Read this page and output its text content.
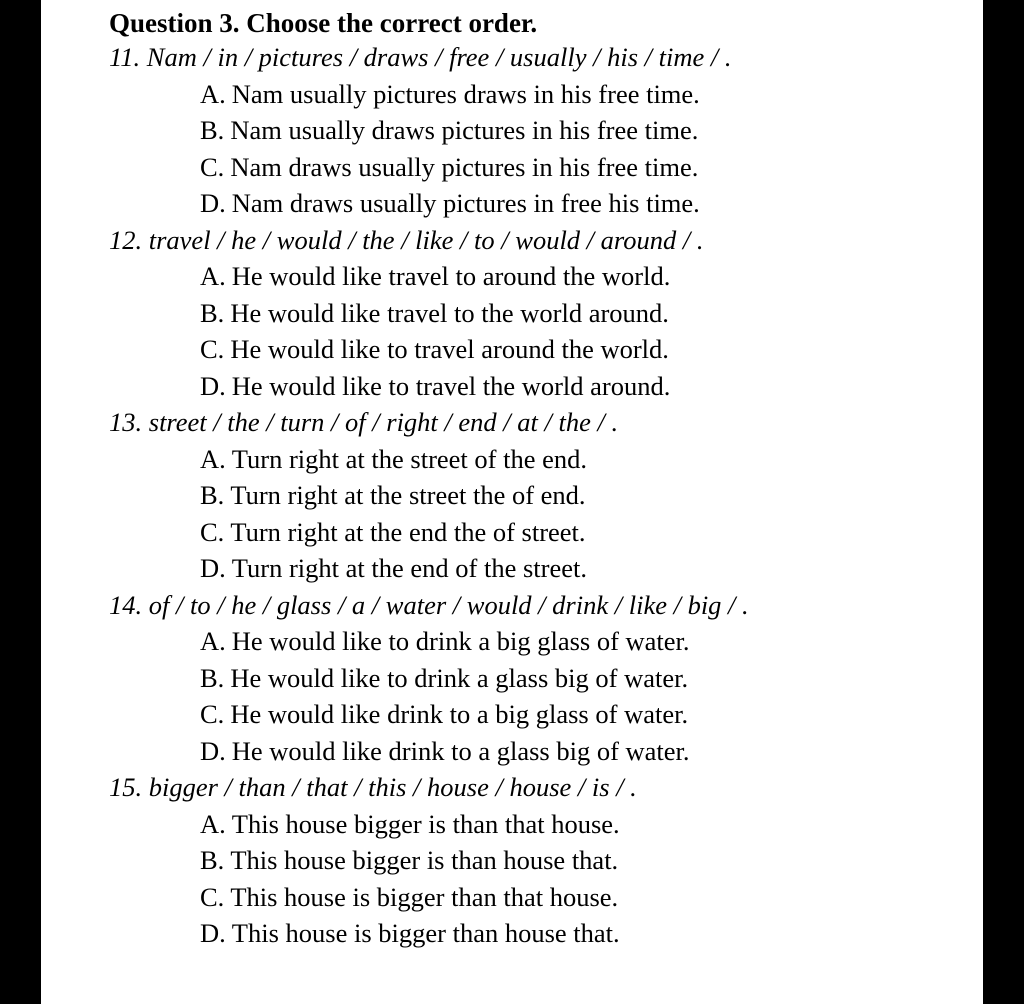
Question 3. Choose the correct order.
11. Nam / in / pictures / draws / free / usually / his / time / .
A. Nam usually pictures draws in his free time.
B. Nam usually draws pictures in his free time.
C. Nam draws usually pictures in his free time.
D. Nam draws usually pictures in free his time.
12. travel / he / would / the / like / to / would / around / .
A. He would like travel to around the world.
B. He would like travel to the world around.
C. He would like to travel around the world.
D. He would like to travel the world around.
13. street / the / turn / of / right / end / at / the / .
A. Turn right at the street of the end.
B. Turn right at the street the of end.
C. Turn right at the end the of street.
D. Turn right at the end of the street.
14. of / to / he / glass / a / water / would / drink / like / big / .
A. He would like to drink a big glass of water.
B. He would like to drink a glass big of water.
C. He would like drink to a big glass of water.
D. He would like drink to a glass big of water.
15. bigger / than / that / this / house / house / is / .
A. This house bigger is than that house.
B. This house bigger is than house that.
C. This house is bigger than that house.
D. This house is bigger than house that.
